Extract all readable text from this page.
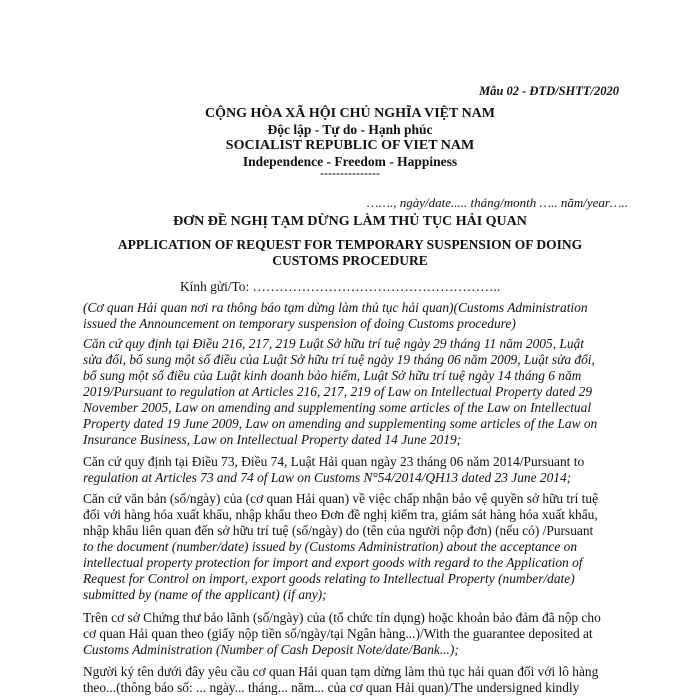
Mẫu 02 - ĐTD/SHTT/2020
CỘNG HÒA XÃ HỘI CHỦ NGHĨA VIỆT NAM
Độc lập - Tự do - Hạnh phúc
SOCIALIST REPUBLIC OF VIET NAM
Independence - Freedom - Happiness
---------------
……., ngày/date..... tháng/month ….. năm/year…..
ĐƠN ĐỀ NGHỊ TẠM DỪNG LÀM THỦ TỤC HẢI QUAN
APPLICATION OF REQUEST FOR TEMPORARY SUSPENSION OF DOING
CUSTOMS PROCEDURE
Kính gửi/To: ………………………………………………..
(Cơ quan Hải quan nơi ra thông báo tạm dừng làm thủ tục hải quan)(Customs Administration
issued the Announcement on temporary suspension of doing Customs procedure)
Căn cứ quy định tại Điều 216, 217, 219 Luật Sở hữu trí tuệ ngày 29 tháng 11 năm 2005, Luật
sửa đổi, bổ sung một số điều của Luật Sở hữu trí tuệ ngày 19 tháng 06 năm 2009, Luật sửa đổi,
bổ sung một số điều của Luật kinh doanh bảo hiểm, Luật Sở hữu trí tuệ ngày 14 tháng 6 năm
2019/Pursuant to regulation at Articles 216, 217, 219 of Law on Intellectual Property dated 29
November 2005, Law on amending and supplementing some articles of the Law on Intellectual
Property dated 19 June 2009, Law on amending and supplementing some articles of the Law on
Insurance Business, Law on Intellectual Property dated 14 June 2019;
Căn cứ quy định tại Điều 73, Điều 74, Luật Hải quan ngày 23 tháng 06 năm 2014/Pursuant to
regulation at Articles 73 and 74 of Law on Customs N°54/2014/QH13 dated 23 June 2014;
Căn cứ văn bản (số/ngày) của (cơ quan Hải quan) về việc chấp nhận bảo vệ quyền sở hữu trí tuệ
đối với hàng hóa xuất khẩu, nhập khẩu theo Đơn đề nghị kiểm tra, giám sát hàng hóa xuất khẩu,
nhập khẩu liên quan đến sở hữu trí tuệ (số/ngày) do (tên của người nộp đơn) (nếu có) /Pursuant
to the document (number/date) issued by (Customs Administration) about the acceptance on
intellectual property protection for import and export goods with regard to the Application of
Request for Control on import, export goods relating to Intellectual Property (number/date)
submitted by (name of the applicant) (if any);
Trên cơ sở Chứng thư bảo lãnh (số/ngày) của (tổ chức tín dụng) hoặc khoản bảo đảm đã nộp cho
cơ quan Hải quan theo (giấy nộp tiền số/ngày/tại Ngân hàng...)/With the guarantee deposited at
Customs Administration (Number of Cash Deposit Note/date/Bank...);
Người ký tên dưới đây yêu cầu cơ quan Hải quan tạm dừng làm thủ tục hải quan đối với lô hàng
theo...(thông báo số: ... ngày... tháng... năm... của cơ quan Hải quan)/The undersigned kindly
